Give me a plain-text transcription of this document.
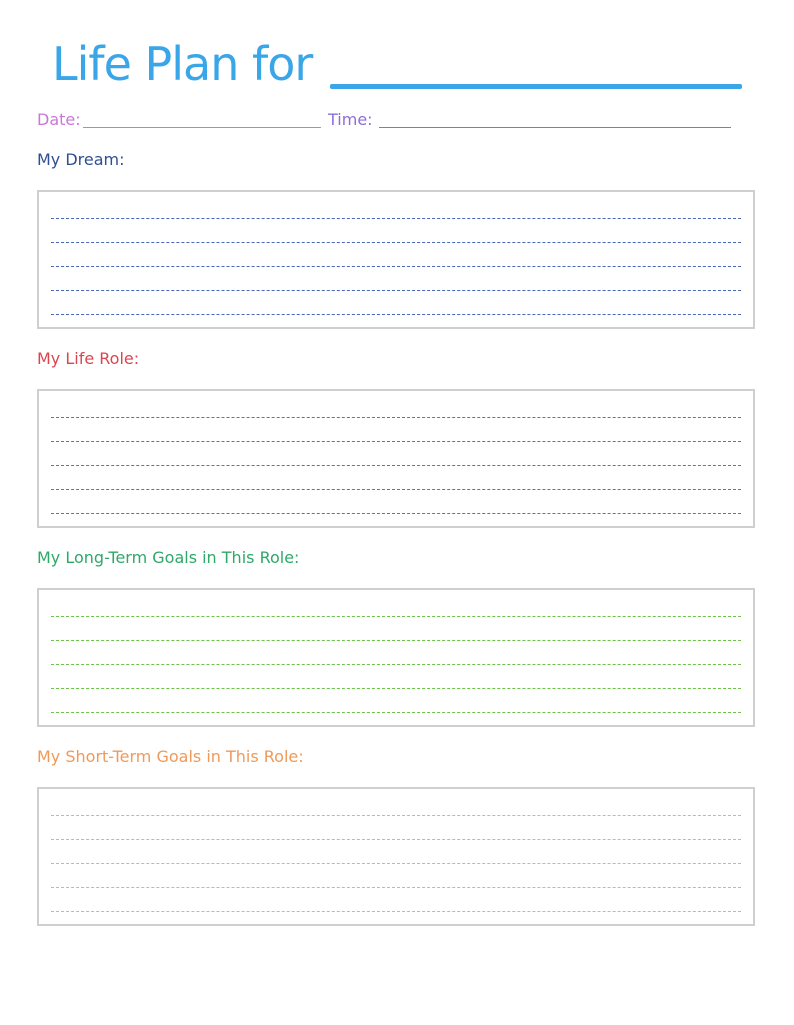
Life Plan for
Date:	Time:
My Dream:
My Life Role:
My Long-Term Goals in This Role:
My Short-Term Goals in This Role:
